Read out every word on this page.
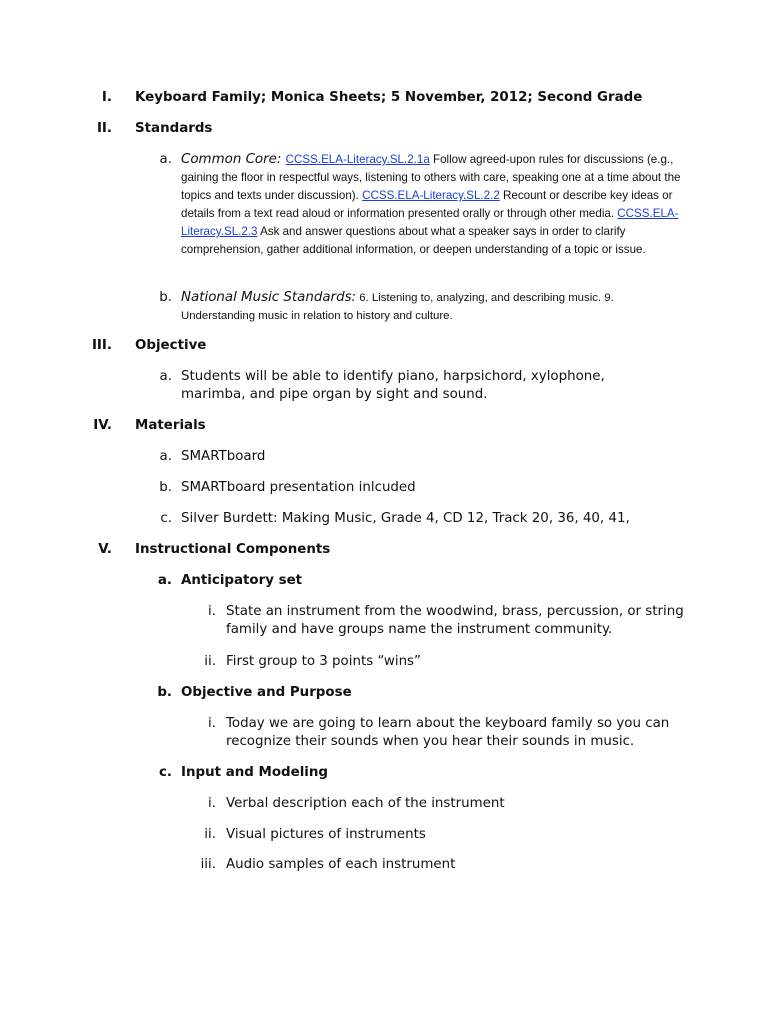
I. Keyboard Family; Monica Sheets; 5 November, 2012; Second Grade
II. Standards
a. Common Core: CCSS.ELA-Literacy.SL.2.1a Follow agreed-upon rules for discussions (e.g., gaining the floor in respectful ways, listening to others with care, speaking one at a time about the topics and texts under discussion). CCSS.ELA-Literacy.SL.2.2 Recount or describe key ideas or details from a text read aloud or information presented orally or through other media. CCSS.ELA-Literacy.SL.2.3 Ask and answer questions about what a speaker says in order to clarify comprehension, gather additional information, or deepen understanding of a topic or issue.
b. National Music Standards: 6. Listening to, analyzing, and describing music. 9. Understanding music in relation to history and culture.
III. Objective
a. Students will be able to identify piano, harpsichord, xylophone, marimba, and pipe organ by sight and sound.
IV. Materials
a. SMARTboard
b. SMARTboard presentation inlcuded
c. Silver Burdett: Making Music, Grade 4, CD 12, Track 20, 36, 40, 41,
V. Instructional Components
a. Anticipatory set
i. State an instrument from the woodwind, brass, percussion, or string family and have groups name the instrument community.
ii. First group to 3 points “wins”
b. Objective and Purpose
i. Today we are going to learn about the keyboard family so you can recognize their sounds when you hear their sounds in music.
c. Input and Modeling
i. Verbal description each of the instrument
ii. Visual pictures of instruments
iii. Audio samples of each instrument
